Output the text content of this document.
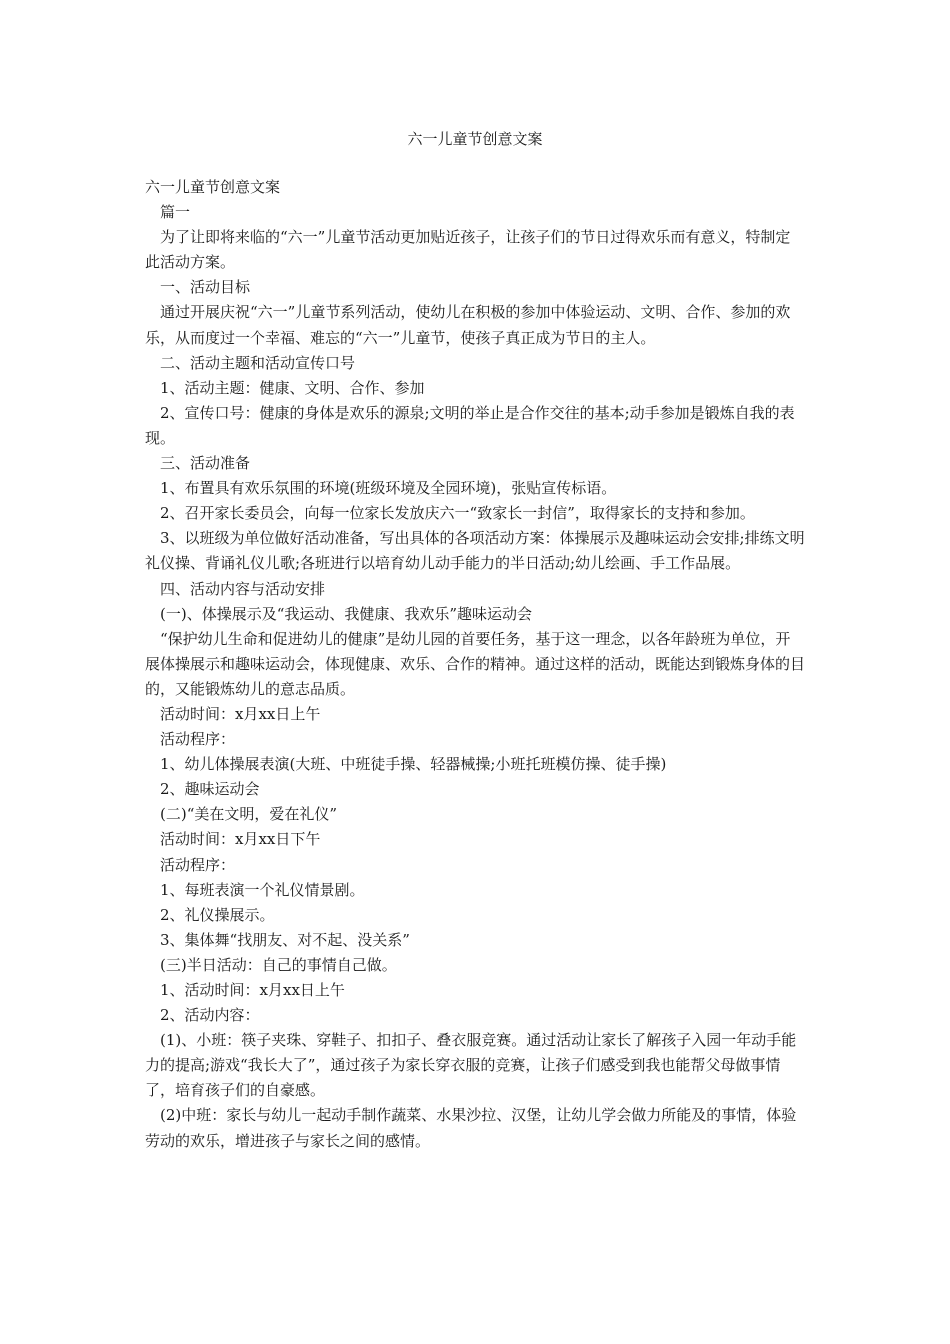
六一儿童节创意文案

六一儿童节创意文案

篇一

为了让即将来临的“六一”儿童节活动更加贴近孩子，让孩子们的节日过得欢乐而有意义，特制定此活动方案。

一、活动目标

通过开展庆祝“六一”儿童节系列活动，使幼儿在积极的参加中体验运动、文明、合作、参加的欢乐，从而度过一个幸福、难忘的“六一”儿童节，使孩子真正成为节日的主人。

二、活动主题和活动宣传口号

1、活动主题：健康、文明、合作、参加

2、宣传口号：健康的身体是欢乐的源泉;文明的举止是合作交往的基本;动手参加是锻炼自我的表现。

三、活动准备

1、布置具有欢乐氛围的环境(班级环境及全园环境)，张贴宣传标语。

2、召开家长委员会，向每一位家长发放庆六一“致家长一封信”，取得家长的支持和参加。

3、以班级为单位做好活动准备，写出具体的各项活动方案：体操展示及趣味运动会安排;排练文明礼仪操、背诵礼仪儿歌;各班进行以培育幼儿动手能力的半日活动;幼儿绘画、手工作品展。

四、活动内容与活动安排

(一)、体操展示及“我运动、我健康、我欢乐”趣味运动会

“保护幼儿生命和促进幼儿的健康”是幼儿园的首要任务，基于这一理念，以各年龄班为单位，开展体操展示和趣味运动会，体现健康、欢乐、合作的精神。通过这样的活动，既能达到锻炼身体的目的，又能锻炼幼儿的意志品质。

活动时间：x月xx日上午

活动程序：

1、幼儿体操展表演(大班、中班徒手操、轻器械操;小班托班模仿操、徒手操)

2、趣味运动会

(二)“美在文明，爱在礼仪”

活动时间：x月xx日下午

活动程序：

1、每班表演一个礼仪情景剧。

2、礼仪操展示。

3、集体舞“找朋友、对不起、没关系”

(三)半日活动：自己的事情自己做。

1、活动时间：x月xx日上午

2、活动内容：

(1)、小班：筷子夹珠、穿鞋子、扣扣子、叠衣服竞赛。通过活动让家长了解孩子入园一年动手能力的提高;游戏“我长大了”，通过孩子为家长穿衣服的竞赛，让孩子们感受到我也能帮父母做事情了，培育孩子们的自豪感。

(2)中班：家长与幼儿一起动手制作蔬菜、水果沙拉、汉堡，让幼儿学会做力所能及的事情，体验劳动的欢乐，增进孩子与家长之间的感情。
